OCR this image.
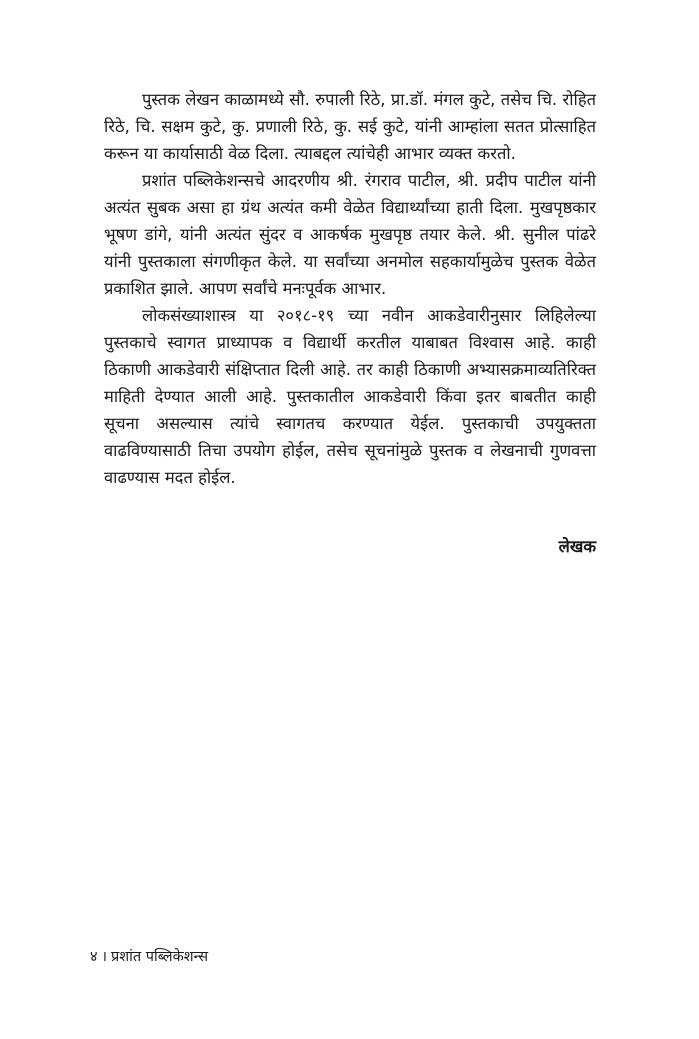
पुस्तक लेखन काळामध्ये सौ. रुपाली रिठे, प्रा.डॉ. मंगल कुटे, तसेच चि. रोहित रिठे, चि. सक्षम कुटे, कु. प्रणाली रिठे, कु. सई कुटे, यांनी आम्हांला सतत प्रोत्साहित करून या कार्यासाठी वेळ दिला. त्याबद्दल त्यांचेही आभार व्यक्त करतो.

प्रशांत पब्लिकेशन्सचे आदरणीय श्री. रंगराव पाटील, श्री. प्रदीप पाटील यांनी अत्यंत सुबक असा हा ग्रंथ अत्यंत कमी वेळेत विद्यार्थ्यांच्या हाती दिला. मुखपृष्ठकार भूषण डांगे, यांनी अत्यंत सुंदर व आकर्षक मुखपृष्ठ तयार केले. श्री. सुनील पांढरे यांनी पुस्तकाला संगणीकृत केले. या सर्वांच्या अनमोल सहकार्यामुळेच पुस्तक वेळेत प्रकाशित झाले. आपण सर्वांचे मनःपूर्वक आभार.

लोकसंख्याशास्त्र या २०१८-१९ च्या नवीन आकडेवारीनुसार लिहिलेल्या पुस्तकाचे स्वागत प्राध्यापक व विद्यार्थी करतील याबाबत विश्वास आहे. काही ठिकाणी आकडेवारी संक्षिप्तात दिली आहे. तर काही ठिकाणी अभ्यासक्रमाव्यतिरिक्त माहिती देण्यात आली आहे. पुस्तकातील आकडेवारी किंवा इतर बाबतीत काही सूचना असल्यास त्यांचे स्वागतच करण्यात येईल. पुस्तकाची उपयुक्तता वाढविण्यासाठी तिचा उपयोग होईल, तसेच सूचनांमुळे पुस्तक व लेखनाची गुणवत्ता वाढण्यास मदत होईल.

लेखक
४ । प्रशांत पब्लिकेशन्स
